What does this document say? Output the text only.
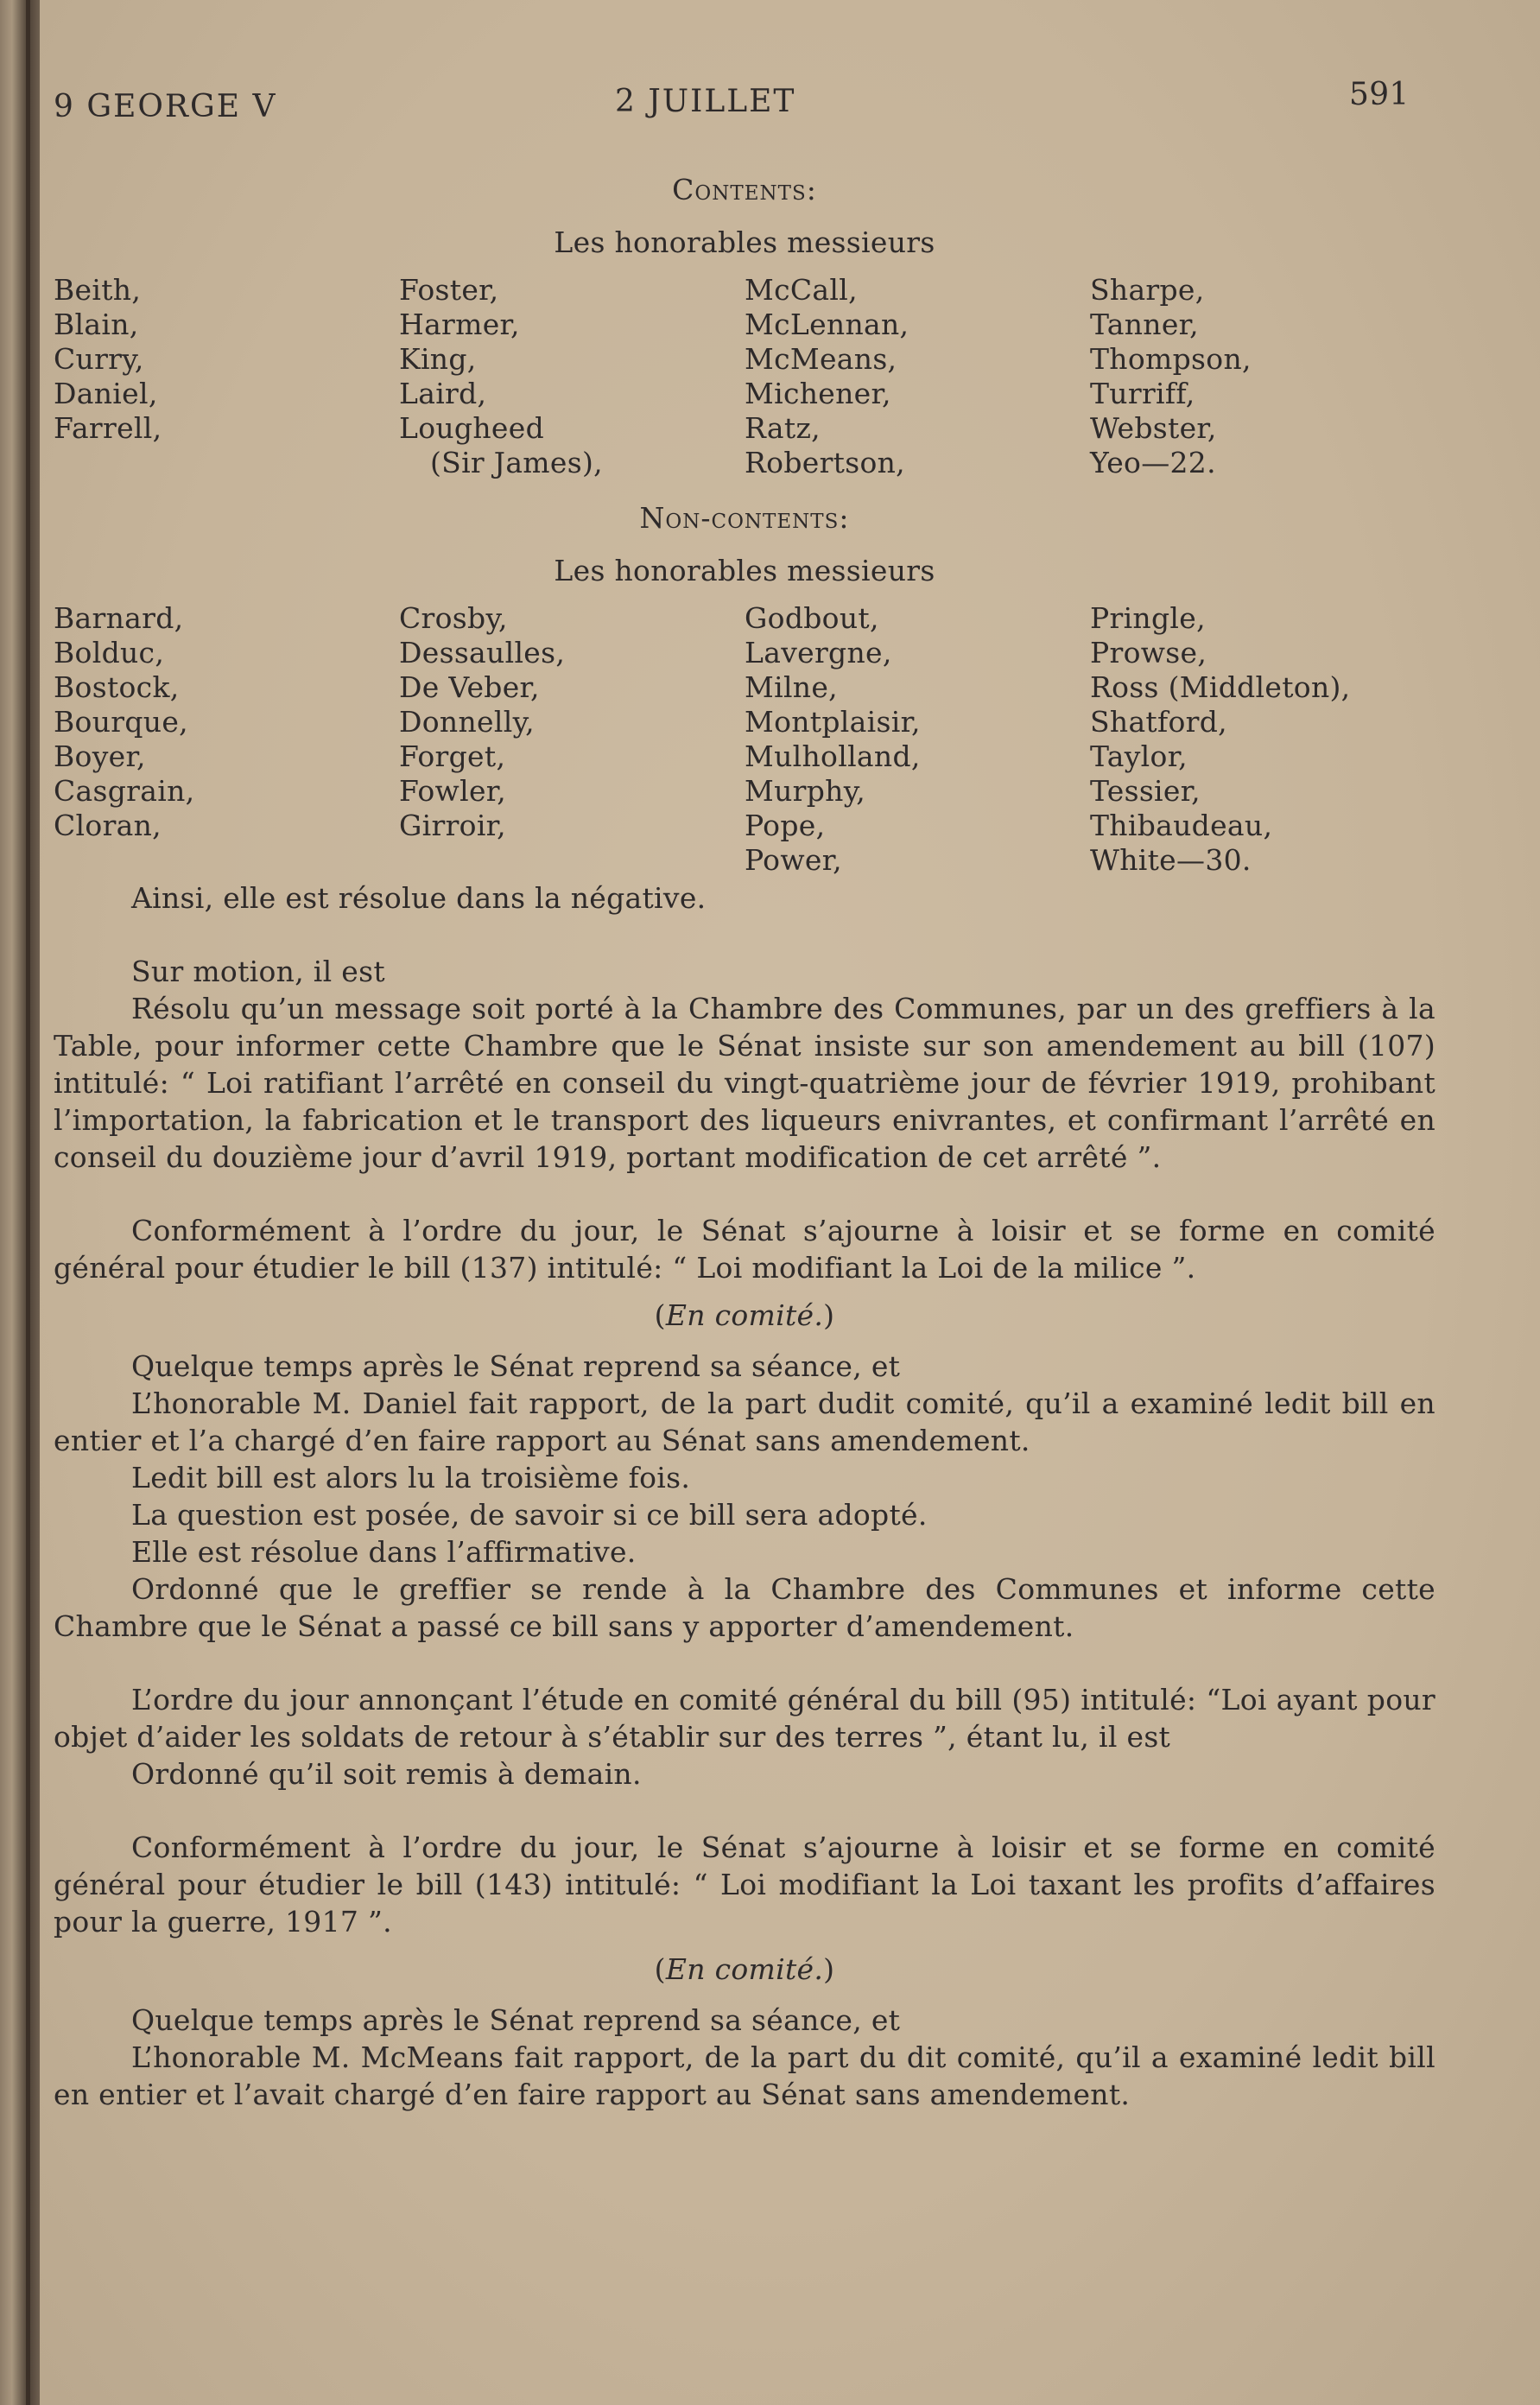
9 GEORGE V	2 JUILLET	591
Contents:
Les honorables messieurs
Beith,
Blain,
Curry,
Daniel,
Farrell,
Foster,
Harmer,
King,
Laird,
Lougheed
(Sir James),
McCall,
McLennan,
McMeans,
Michener,
Ratz,
Robertson,
Sharpe,
Tanner,
Thompson,
Turriff,
Webster,
Yeo—22.
Non-contents:
Les honorables messieurs
Barnard,
Bolduc,
Bostock,
Bourque,
Boyer,
Casgrain,
Cloran,
Crosby,
Dessaulles,
De Veber,
Donnelly,
Forget,
Fowler,
Girroir,
Godbout,
Lavergne,
Milne,
Montplaisir,
Mulholland,
Murphy,
Pope,
Power,
Pringle,
Prowse,
Ross (Middleton),
Shatford,
Taylor,
Tessier,
Thibaudeau,
White—30.

Ainsi, elle est résolue dans la négative.

Sur motion, il est

Résolu qu’un message soit porté à la Chambre des Communes, par un des greffiers à la Table, pour informer cette Chambre que le Sénat insiste sur son amendement au bill (107) intitulé: “ Loi ratifiant l’arrêté en conseil du vingt-quatrième jour de février 1919, prohibant l’importation, la fabrication et le transport des liqueurs enivrantes, et confirmant l’arrêté en conseil du douzième jour d’avril 1919, portant modification de cet arrêté ”.

Conformément à l’ordre du jour, le Sénat s’ajourne à loisir et se forme en comité général pour étudier le bill (137) intitulé: “ Loi modifiant la Loi de la milice ”.

(En comité.)

Quelque temps après le Sénat reprend sa séance, et

L’honorable M. Daniel fait rapport, de la part dudit comité, qu’il a examiné ledit bill en entier et l’a chargé d’en faire rapport au Sénat sans amendement.

Ledit bill est alors lu la troisième fois.

La question est posée, de savoir si ce bill sera adopté.

Elle est résolue dans l’affirmative.

Ordonné que le greffier se rende à la Chambre des Communes et informe cette Chambre que le Sénat a passé ce bill sans y apporter d’amendement.

L’ordre du jour annonçant l’étude en comité général du bill (95) intitulé: “Loi ayant pour objet d’aider les soldats de retour à s’établir sur des terres ”, étant lu, il est

Ordonné qu’il soit remis à demain.

Conformément à l’ordre du jour, le Sénat s’ajourne à loisir et se forme en comité général pour étudier le bill (143) intitulé: “ Loi modifiant la Loi taxant les profits d’affaires pour la guerre, 1917 ”.

(En comité.)

Quelque temps après le Sénat reprend sa séance, et

L’honorable M. McMeans fait rapport, de la part du dit comité, qu’il a examiné ledit bill en entier et l’avait chargé d’en faire rapport au Sénat sans amendement.
